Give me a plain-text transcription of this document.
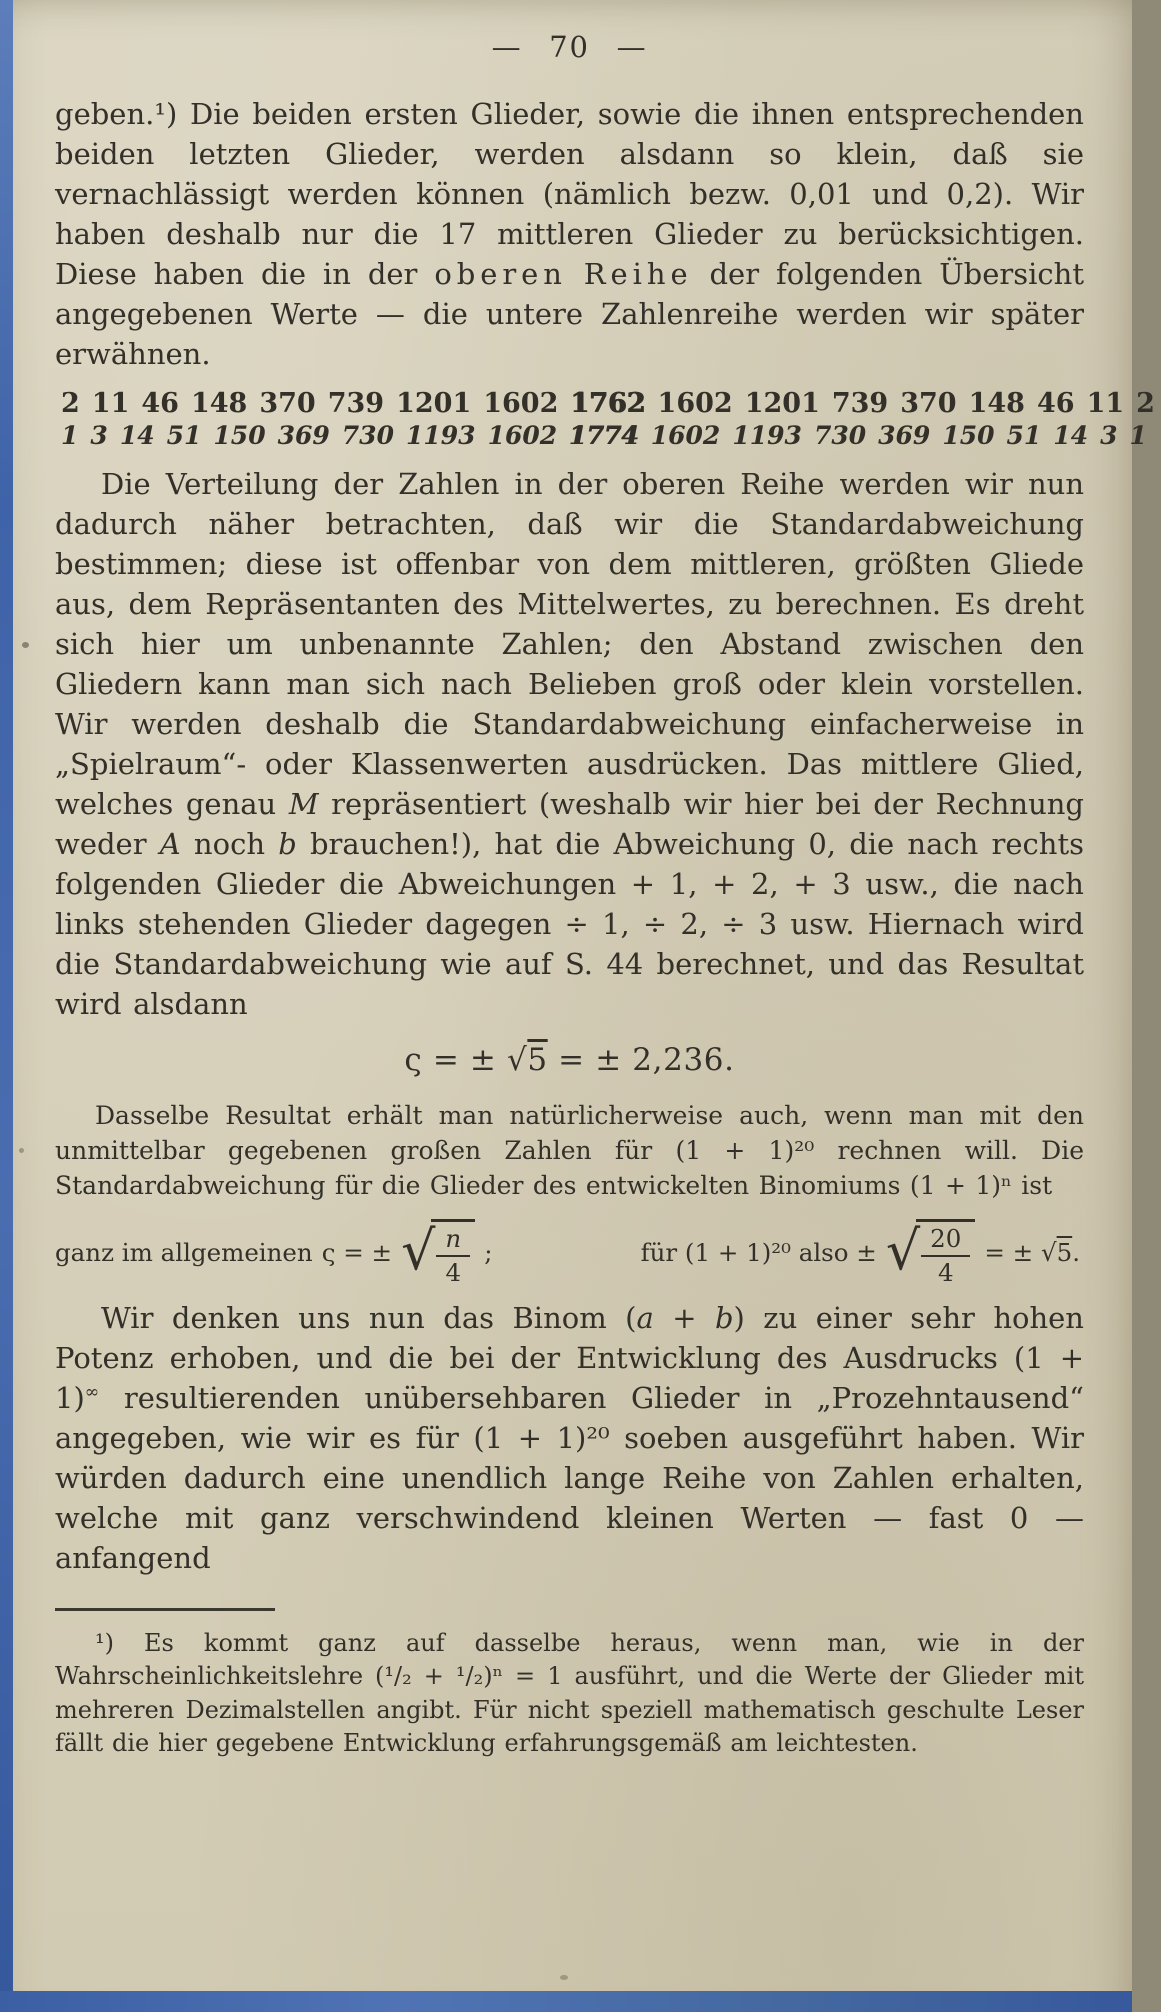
— 70 —

geben.¹) Die beiden ersten Glieder, sowie die ihnen entsprechenden beiden letzten Glieder, werden alsdann so klein, daß sie vernachlässigt werden können (nämlich bezw. 0,01 und 0,2). Wir haben deshalb nur die 17 mittleren Glieder zu berücksichtigen. Diese haben die in der oberen Reihe der folgenden Übersicht angegebenen Werte — die untere Zahlenreihe werden wir später erwähnen.

2 11 46 148 370 739 1201 1602 1762 1602 1201 739 370 148 46 11 2
1 3 14 51 150 369 730 1193 1602 1774 1602 1193 730 369 150 51 14 3 1

Die Verteilung der Zahlen in der oberen Reihe werden wir nun dadurch näher betrachten, daß wir die Standardabweichung bestimmen; diese ist offenbar von dem mittleren, größten Gliede aus, dem Repräsentanten des Mittelwertes, zu berechnen. Es dreht sich hier um unbenannte Zahlen; den Abstand zwischen den Gliedern kann man sich nach Belieben groß oder klein vorstellen. Wir werden deshalb die Standardabweichung einfacherweise in „Spielraum“- oder Klassenwerten ausdrücken. Das mittlere Glied, welches genau M repräsentiert (weshalb wir hier bei der Rechnung weder A noch b brauchen!), hat die Abweichung 0, die nach rechts folgenden Glieder die Abweichungen + 1, + 2, + 3 usw., die nach links stehenden Glieder dagegen ÷ 1, ÷ 2, ÷ 3 usw. Hiernach wird die Standardabweichung wie auf S. 44 berechnet, und das Resultat wird alsdann

ς = ± √5 = ± 2,236.

Dasselbe Resultat erhält man natürlicherweise auch, wenn man mit den unmittelbar gegebenen großen Zahlen für (1 + 1)²⁰ rechnen will. Die Standardabweichung für die Glieder des entwickelten Binomiums (1 + 1)ⁿ ist

ganz im allgemeinen ς = ± √
$\frac{n}{4}$ ;	für (1 + 1)²⁰ also ± √
$\frac{20}{4}$ = ± √5.

Wir denken uns nun das Binom (a + b) zu einer sehr hohen Potenz erhoben, und die bei der Entwicklung des Ausdrucks (1 + 1)∞ resultierenden unübersehbaren Glieder in „Prozehntausend“ angegeben, wie wir es für (1 + 1)²⁰ soeben ausgeführt haben. Wir würden dadurch eine unendlich lange Reihe von Zahlen erhalten, welche mit ganz verschwindend kleinen Werten — fast 0 — anfangend

¹) Es kommt ganz auf dasselbe heraus, wenn man, wie in der Wahrscheinlichkeitslehre (¹/₂ + ¹/₂)ⁿ = 1 ausführt, und die Werte der Glieder mit mehreren Dezimalstellen angibt. Für nicht speziell mathematisch geschulte Leser fällt die hier gegebene Entwicklung erfahrungsgemäß am leichtesten.
